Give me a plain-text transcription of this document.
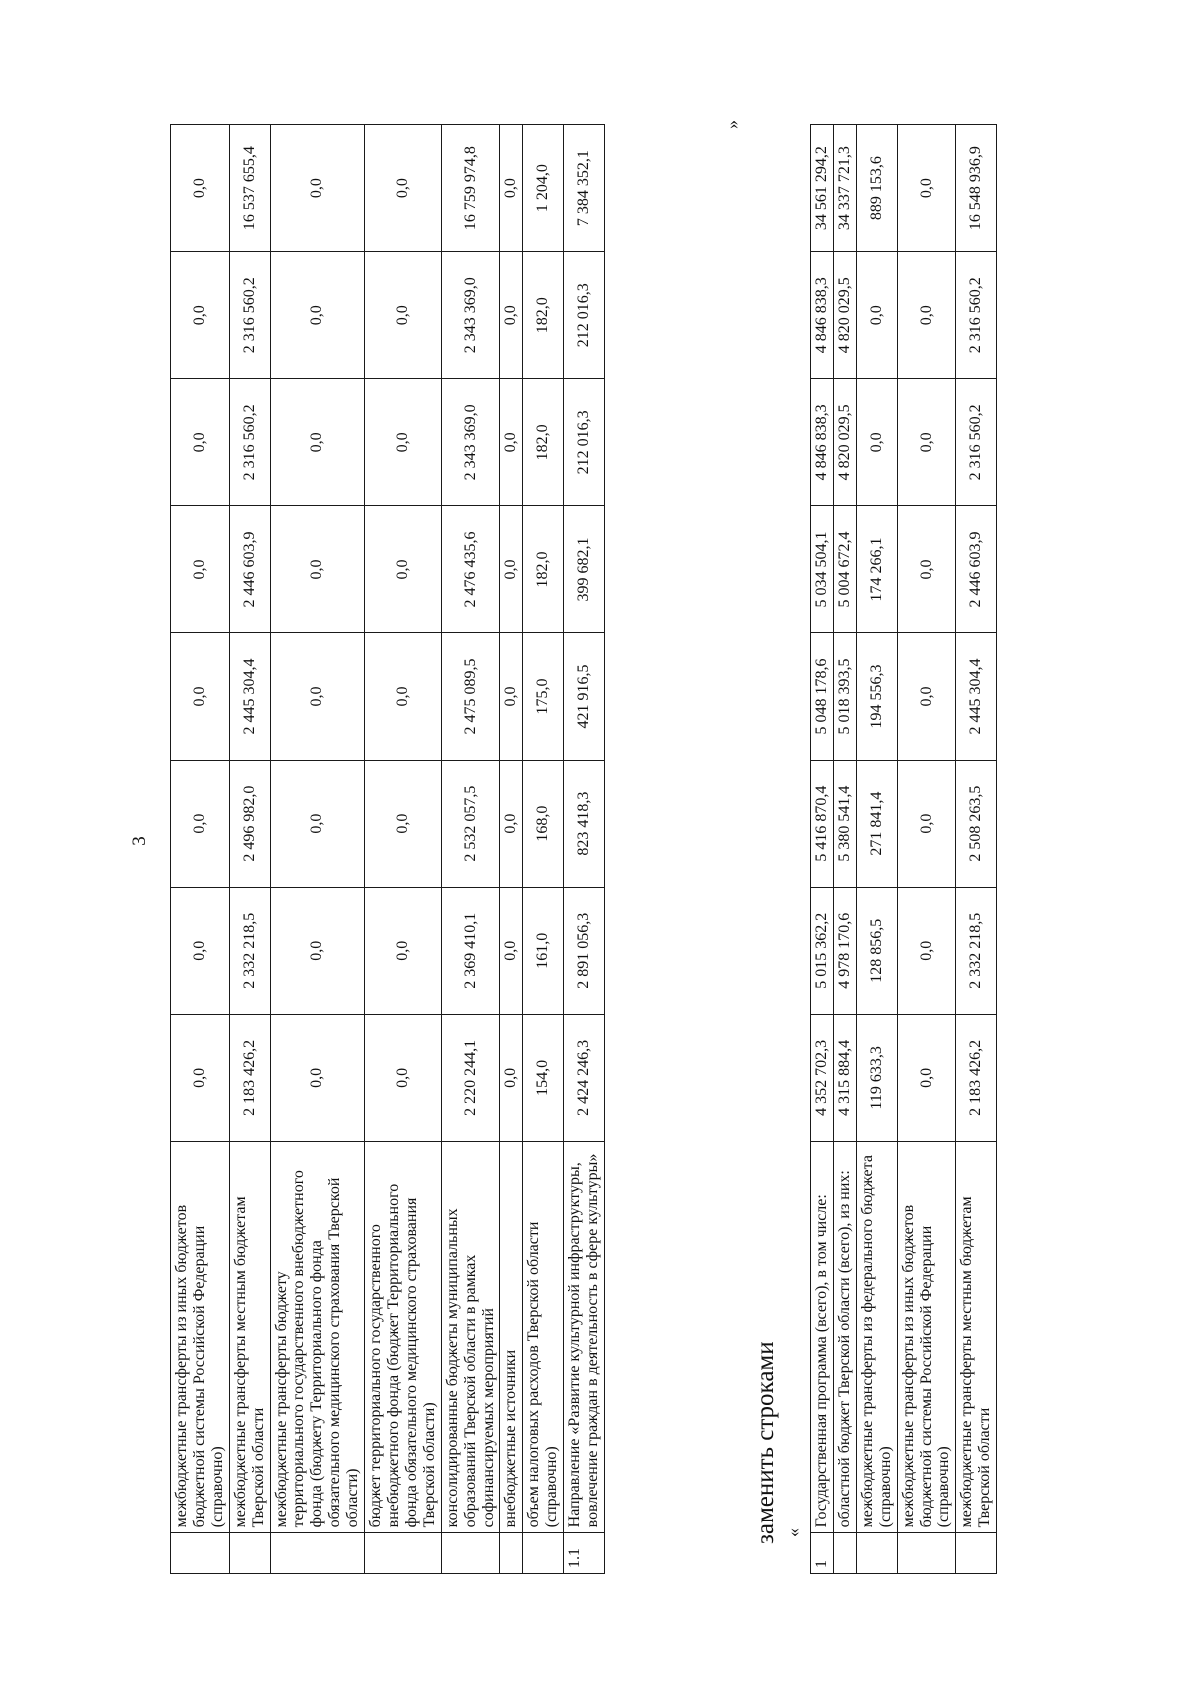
3
	межбюджетные трансферты из иных бюджетов бюджетной системы Российской Федерации (справочно)	0,0	0,0	0,0	0,0	0,0	0,0	0,0	0,0
	межбюджетные трансферты местным бюджетам Тверской области	2 183 426,2	2 332 218,5	2 496 982,0	2 445 304,4	2 446 603,9	2 316 560,2	2 316 560,2	16 537 655,4
	межбюджетные трансферты бюджету территориального государственного внебюджетного фонда (бюджету Территориального фонда обязательного медицинского страхования Тверской области)	0,0	0,0	0,0	0,0	0,0	0,0	0,0	0,0
	бюджет территориального государственного внебюджетного фонда (бюджет Территориального фонда обязательного медицинского страхования Тверской области)	0,0	0,0	0,0	0,0	0,0	0,0	0,0	0,0
	консолидированные бюджеты муниципальных образований Тверской области в рамках софинансируемых мероприятий	2 220 244,1	2 369 410,1	2 532 057,5	2 475 089,5	2 476 435,6	2 343 369,0	2 343 369,0	16 759 974,8
	внебюджетные источники	0,0	0,0	0,0	0,0	0,0	0,0	0,0	0,0
	объем налоговых расходов Тверской области (справочно)	154,0	161,0	168,0	175,0	182,0	182,0	182,0	1 204,0
1.1	Направление «Развитие культурной инфраструктуры, вовлечение граждан в деятельность в сфере культуры»	2 424 246,3	2 891 056,3	823 418,3	421 916,5	399 682,1	212 016,3	212 016,3	7 384 352,1
»
заменить строками «
1	Государственная программа (всего), в том числе:	4 352 702,3	5 015 362,2	5 416 870,4	5 048 178,6	5 034 504,1	4 846 838,3	4 846 838,3	34 561 294,2
	областной бюджет Тверской области (всего), из них:	4 315 884,4	4 978 170,6	5 380 541,4	5 018 393,5	5 004 672,4	4 820 029,5	4 820 029,5	34 337 721,3
	межбюджетные трансферты из федерального бюджета (справочно)	119 633,3	128 856,5	271 841,4	194 556,3	174 266,1	0,0	0,0	889 153,6
	межбюджетные трансферты из иных бюджетов бюджетной системы Российской Федерации (справочно)	0,0	0,0	0,0	0,0	0,0	0,0	0,0	0,0
	межбюджетные трансферты местным бюджетам Тверской области	2 183 426,2	2 332 218,5	2 508 263,5	2 445 304,4	2 446 603,9	2 316 560,2	2 316 560,2	16 548 936,9
